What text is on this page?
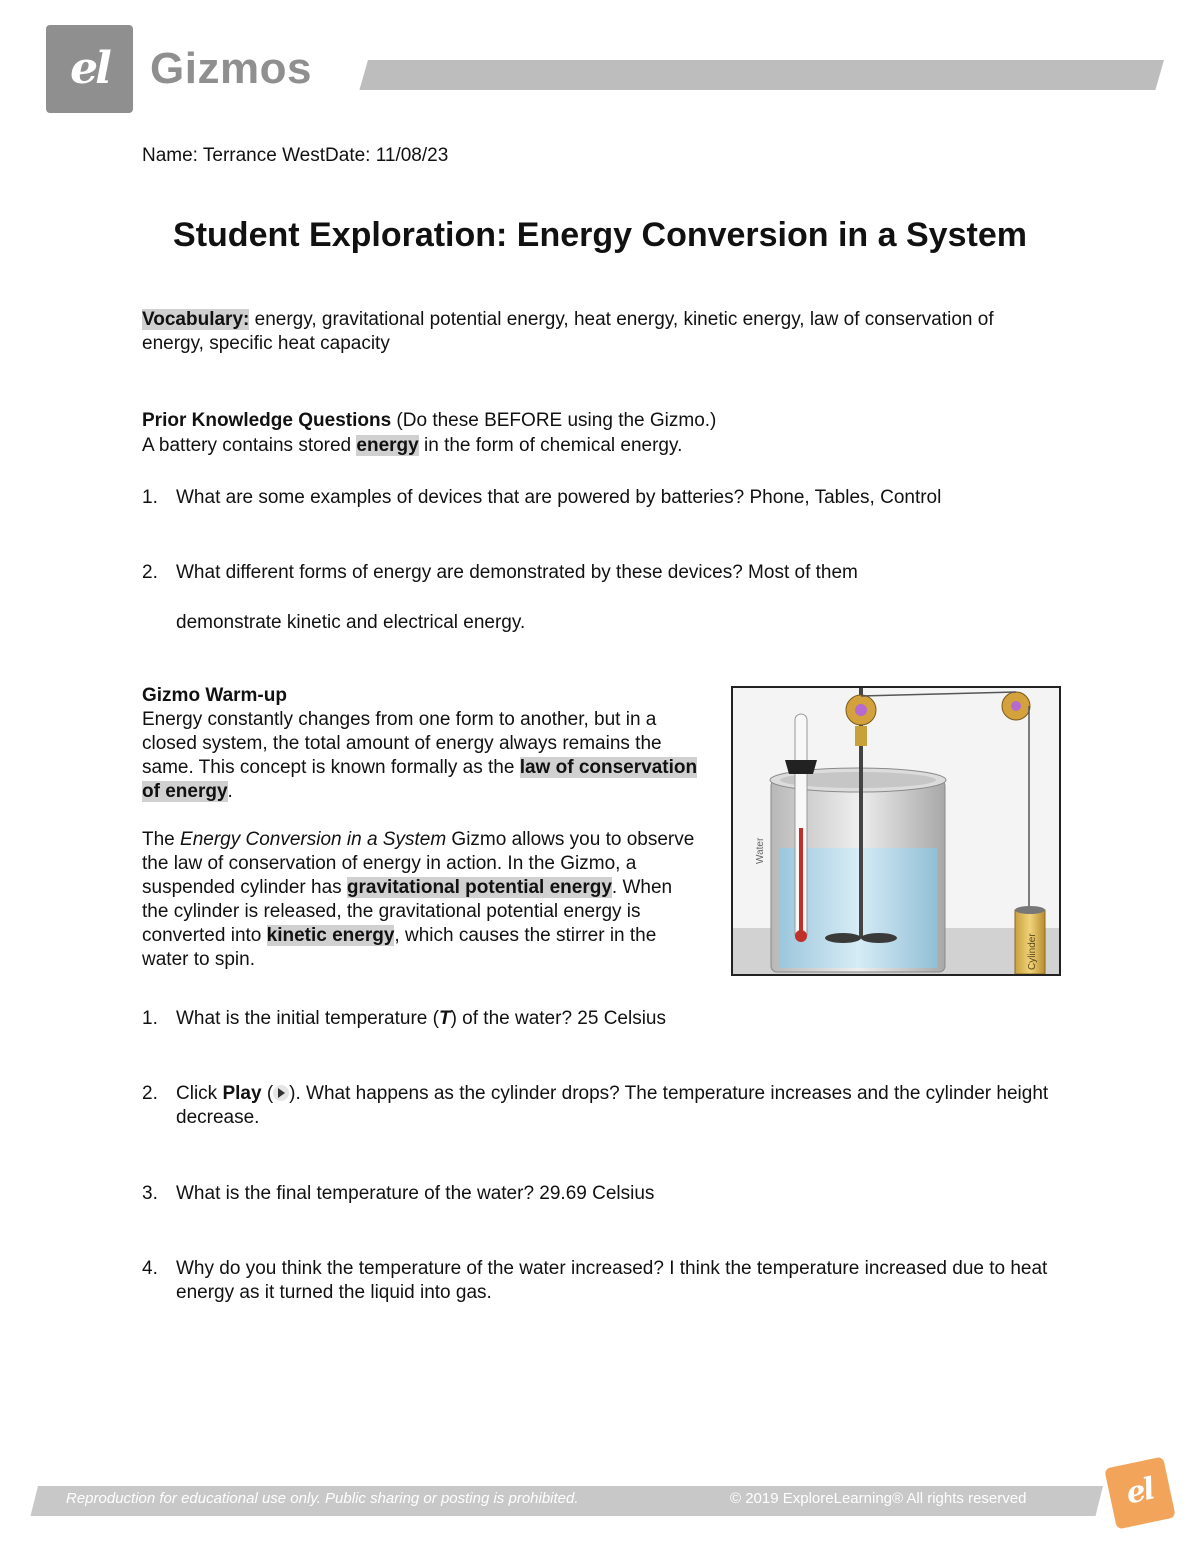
el Gizmos
Name: Terrance WestDate: 11/08/23
Student Exploration: Energy Conversion in a System
Vocabulary: energy, gravitational potential energy, heat energy, kinetic energy, law of conservation of energy, specific heat capacity
Prior Knowledge Questions (Do these BEFORE using the Gizmo.)
A battery contains stored energy in the form of chemical energy.
1. What are some examples of devices that are powered by batteries? Phone, Tables, Control
2. What different forms of energy are demonstrated by these devices? Most of them
demonstrate kinetic and electrical energy.

Gizmo Warm-up

Energy constantly changes from one form to another, but in a closed system, the total amount of energy always remains the same. This concept is known formally as the law of conservation of energy.

The Energy Conversion in a System Gizmo allows you to observe the law of conservation of energy in action. In the Gizmo, a suspended cylinder has gravitational potential energy. When the cylinder is released, the gravitational potential energy is converted into kinetic energy, which causes the stirrer in the water to spin.

Water
Cylinder
1. What is the initial temperature (T) of the water? 25 Celsius
2. Click Play ( ). What happens as the cylinder drops? The temperature increases and the cylinder height decrease.
3. What is the final temperature of the water? 29.69 Celsius
4. Why do you think the temperature of the water increased? I think the temperature increased due to heat energy as it turned the liquid into gas.
Reproduction for educational use only. Public sharing or posting is prohibited.	© 2019 ExploreLearning® All rights reserved	el
